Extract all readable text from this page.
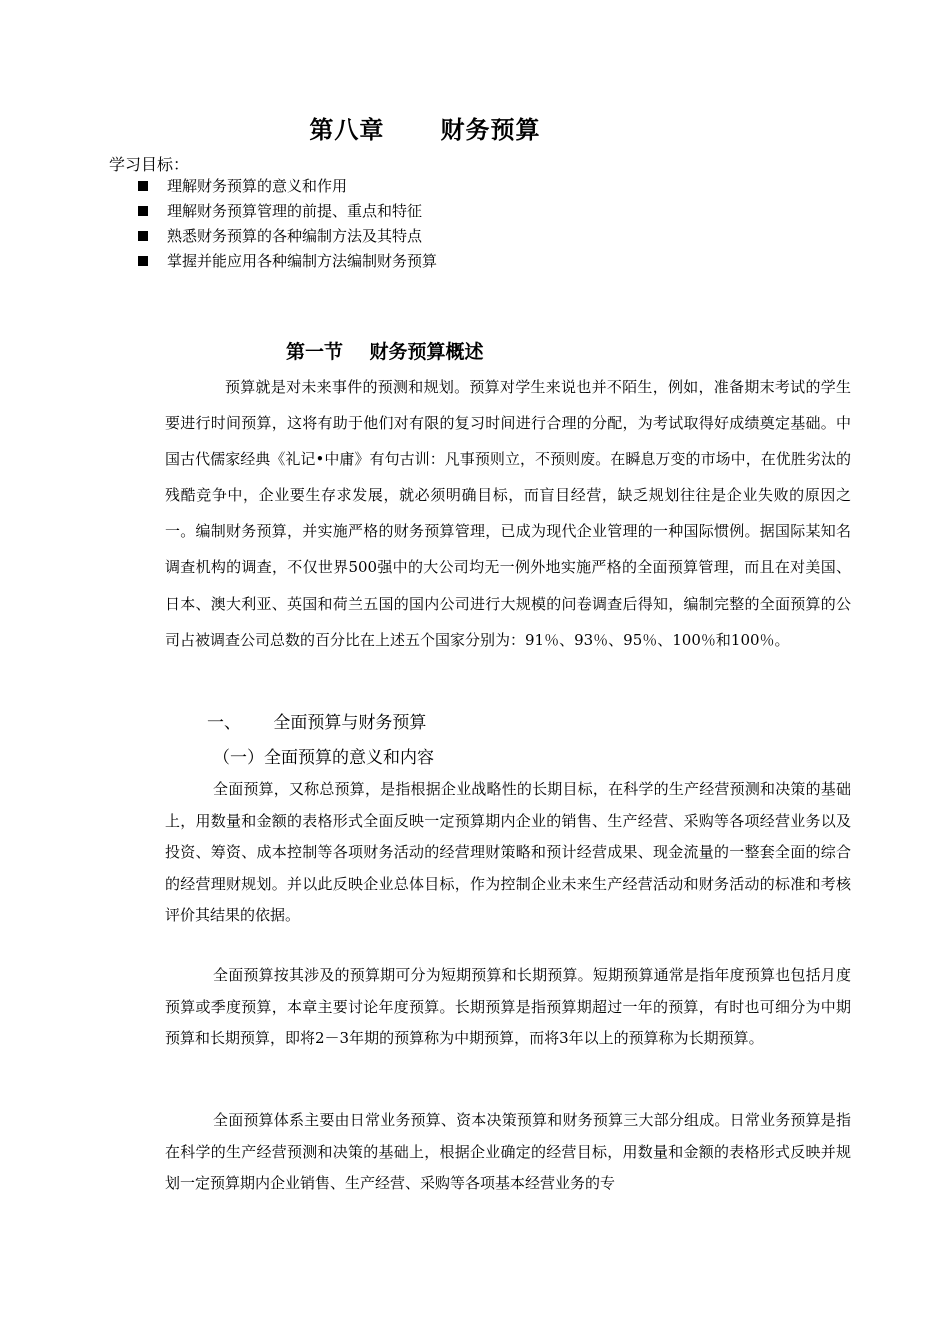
第八章      财务预算
学习目标：
理解财务预算的意义和作用
理解财务预算管理的前提、重点和特征
熟悉财务预算的各种编制方法及其特点
掌握并能应用各种编制方法编制财务预算
第一节    财务预算概述

预算就是对未来事件的预测和规划。预算对学生来说也并不陌生，例如，准备期末考试的学生要进行时间预算，这将有助于他们对有限的复习时间进行合理的分配，为考试取得好成绩奠定基础。中国古代儒家经典《礼记•中庸》有句古训：凡事预则立，不预则废。在瞬息万变的市场中，在优胜劣汰的残酷竞争中，企业要生存求发展，就必须明确目标，而盲目经营，缺乏规划往往是企业失败的原因之一。编制财务预算，并实施严格的财务预算管理，已成为现代企业管理的一种国际惯例。据国际某知名调查机构的调查，不仅世界500强中的大公司均无一例外地实施严格的全面预算管理，而且在对美国、日本、澳大利亚、英国和荷兰五国的国内公司进行大规模的问卷调查后得知，编制完整的全面预算的公司占被调查公司总数的百分比在上述五个国家分别为：91％、93％、95％、100％和100％。

一、      全面预算与财务预算
（一）全面预算的意义和内容

全面预算，又称总预算，是指根据企业战略性的长期目标，在科学的生产经营预测和决策的基础上，用数量和金额的表格形式全面反映一定预算期内企业的销售、生产经营、采购等各项经营业务以及投资、筹资、成本控制等各项财务活动的经营理财策略和预计经营成果、现金流量的一整套全面的综合的经营理财规划。并以此反映企业总体目标，作为控制企业未来生产经营活动和财务活动的标准和考核评价其结果的依据。

全面预算按其涉及的预算期可分为短期预算和长期预算。短期预算通常是指年度预算也包括月度预算或季度预算，本章主要讨论年度预算。长期预算是指预算期超过一年的预算，有时也可细分为中期预算和长期预算，即将2－3年期的预算称为中期预算，而将3年以上的预算称为长期预算。

全面预算体系主要由日常业务预算、资本决策预算和财务预算三大部分组成。日常业务预算是指在科学的生产经营预测和决策的基础上，根据企业确定的经营目标，用数量和金额的表格形式反映并规划一定预算期内企业销售、生产经营、采购等各项基本经营业务的专
